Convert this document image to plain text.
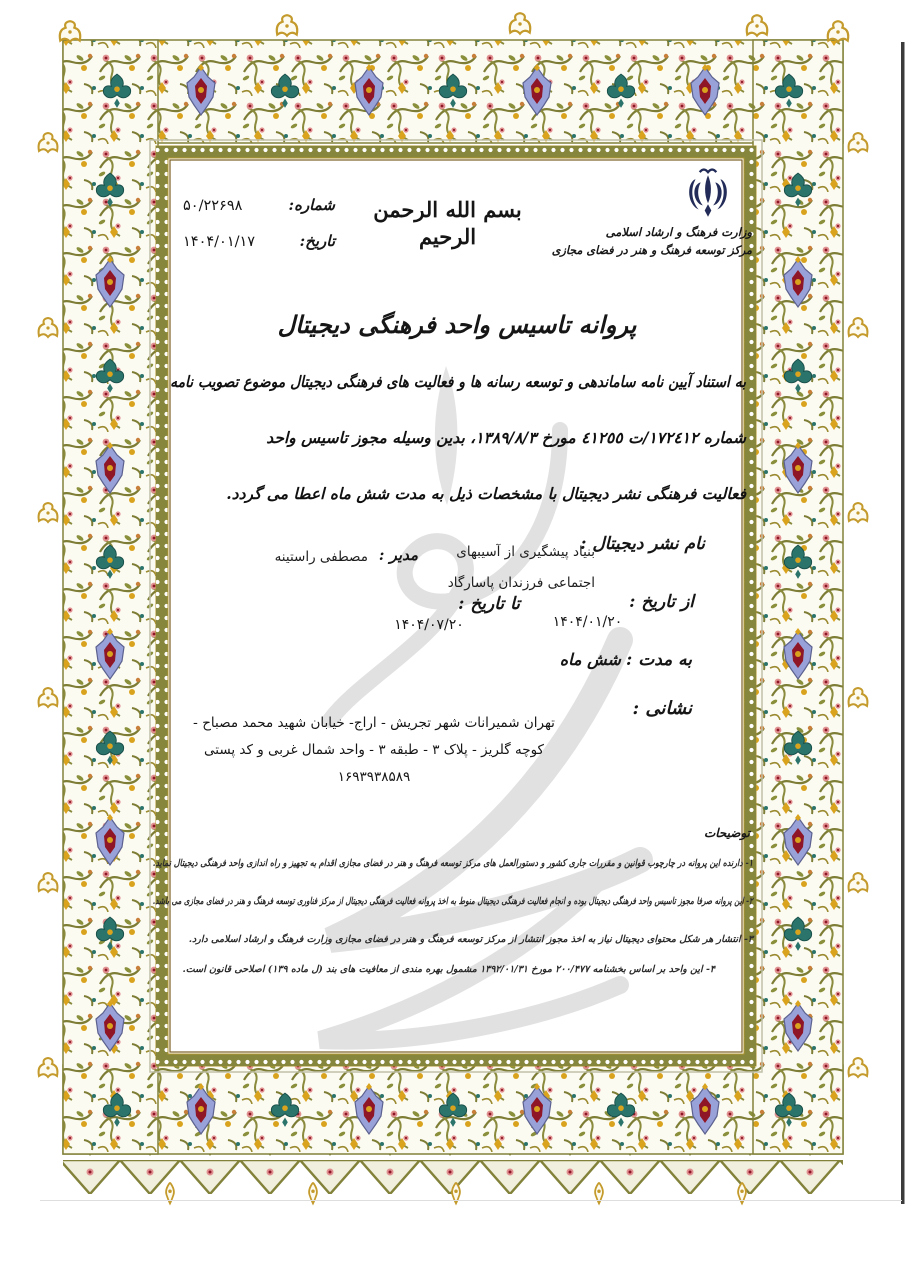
شماره:
۵۰/۲۲۶۹۸
تاریخ:
۱۴۰۴/۰۱/۱۷
بسم الله الرحمن الرحیم	وزارت فرهنگ و ارشاد اسلامی
مرکز توسعه فرهنگ و هنر در فضای مجازی
پروانه تاسیس واحد فرهنگی دیجیتال
به استناد آیین نامه ساماندهی و توسعه رسانه ها و فعالیت های فرهنگی دیجیتال موضوع تصویب نامه
شماره ۱۷۲٤۱۲/ت ٤۱۲٥٥ مورخ ۱۳۸۹/۸/۳، بدین وسیله مجوز تاسیس واحد
فعالیت فرهنگی نشر دیجیتال با مشخصات ذیل به مدت شش ماه اعطا می گردد.
نام نشر دیجیتال :
بنیاد پیشگیری از آسیبهای
اجتماعی فرزندان پاسارگاد
مدیر :
مصطفی راستینه
از تاریخ :
۱۴۰۴/۰۱/۲۰
تا تاریخ :
۱۴۰۴/۰۷/۲۰
به مدت : شش ماه
نشانی :
تهران شمیرانات شهر تجریش - اراج- خیابان شهید محمد مصباح -
کوچه گلریز - پلاک ۳ - طبقه ۳ - واحد شمال غربی و کد پستی
۱۶۹۳۹۳۸۵۸۹
توضیحات
۱- دارنده این پروانه در چارچوب قوانین و مقررات جاری کشور و دستورالعمل های مرکز توسعه فرهنگ و هنر در فضای مجازی اقدام به تجهیز و راه اندازی واحد فرهنگی دیجیتال نماید.
۲- این پروانه صرفا مجوز تاسیس واحد فرهنگی دیجیتال بوده و انجام فعالیت فرهنگی دیجیتال منوط به اخذ پروانه فعالیت فرهنگی دیجیتال از مرکز فناوری توسعه فرهنگ و هنر در فضای مجازی می باشد.
۳- انتشار هر شکل محتوای دیجیتال نیاز به اخذ مجوز انتشار از مرکز توسعه فرهنگ و هنر در فضای مجازی وزارت فرهنگ و ارشاد اسلامی دارد.
۴- این واحد بر اساس بخشنامه ۲۰۰/۴۷۷ مورخ ۱۳۹۲/۰۱/۳۱ مشمول بهره مندی از معافیت های بند (ل ماده ۱۳۹) اصلاحی قانون است.
